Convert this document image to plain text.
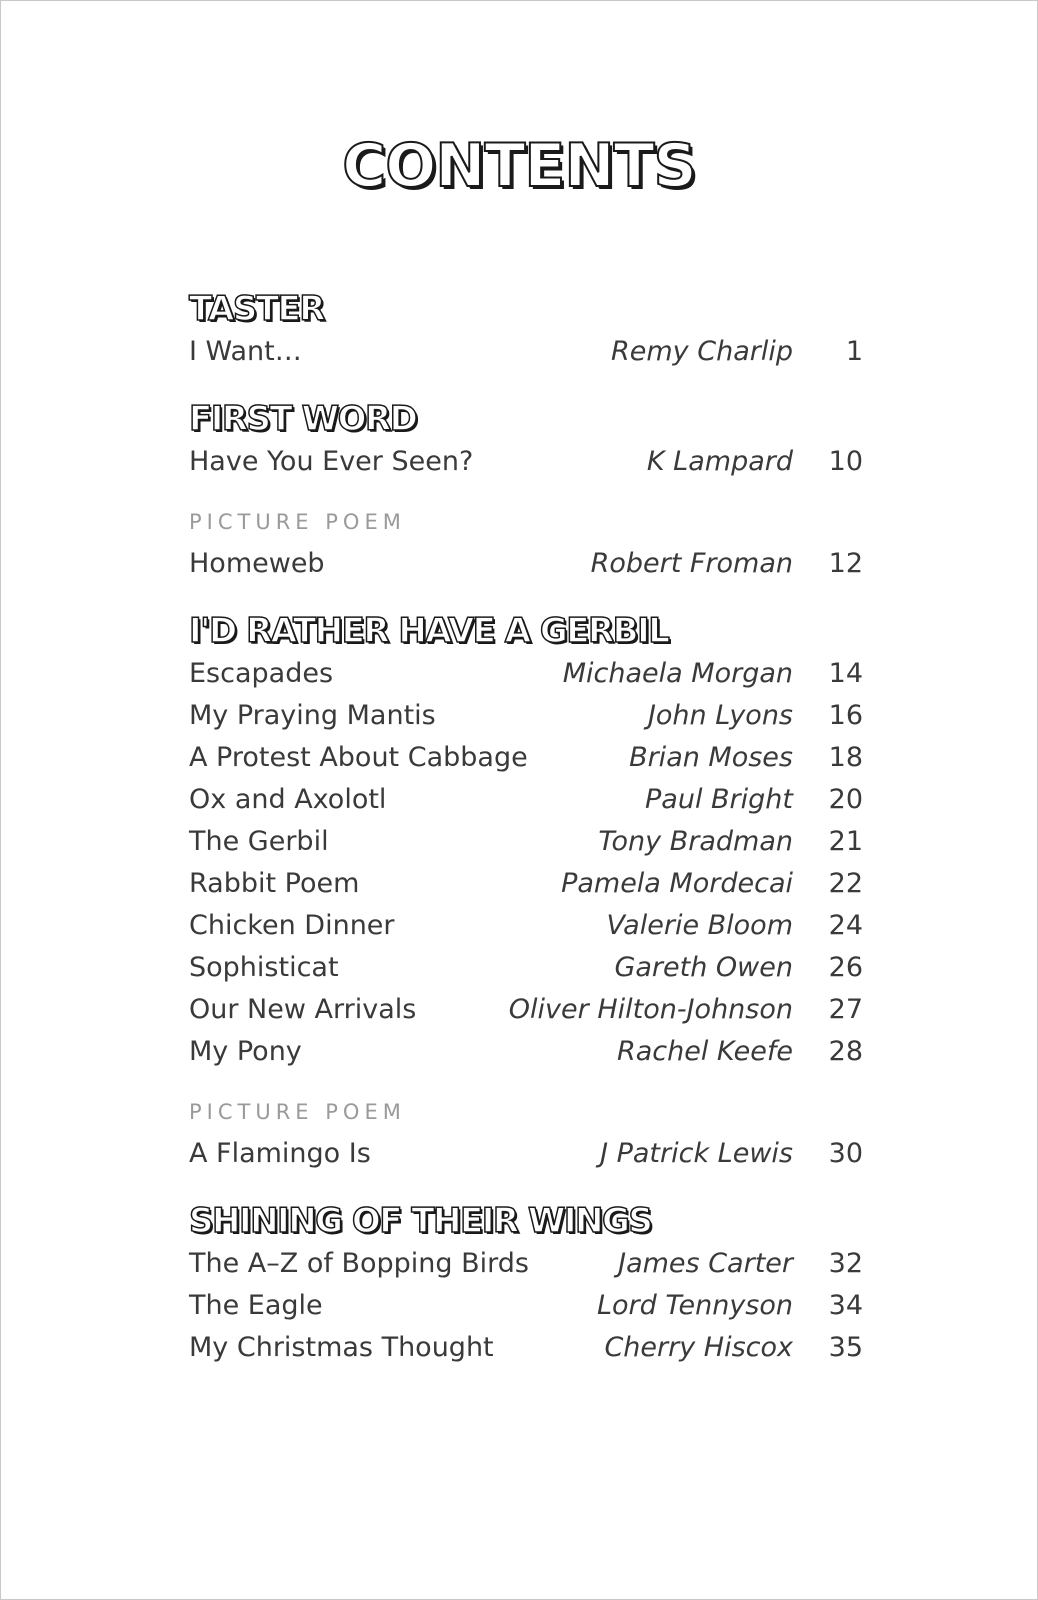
CONTENTS
TASTER
I Want…	Remy Charlip 1
FIRST WORD
Have You Ever Seen?	K Lampard 10
PICTURE POEM
Homeweb	Robert Froman 12
I'D RATHER HAVE A GERBIL
Escapades	Michaela Morgan 14
My Praying Mantis	John Lyons 16
A Protest About Cabbage	Brian Moses 18
Ox and Axolotl	Paul Bright 20
The Gerbil	Tony Bradman 21
Rabbit Poem	Pamela Mordecai 22
Chicken Dinner	Valerie Bloom 24
Sophisticat	Gareth Owen 26
Our New Arrivals	Oliver Hilton-Johnson 27
My Pony	Rachel Keefe 28
PICTURE POEM
A Flamingo Is	J Patrick Lewis 30
SHINING OF THEIR WINGS
The A–Z of Bopping Birds	James Carter 32
The Eagle	Lord Tennyson 34
My Christmas Thought	Cherry Hiscox 35
